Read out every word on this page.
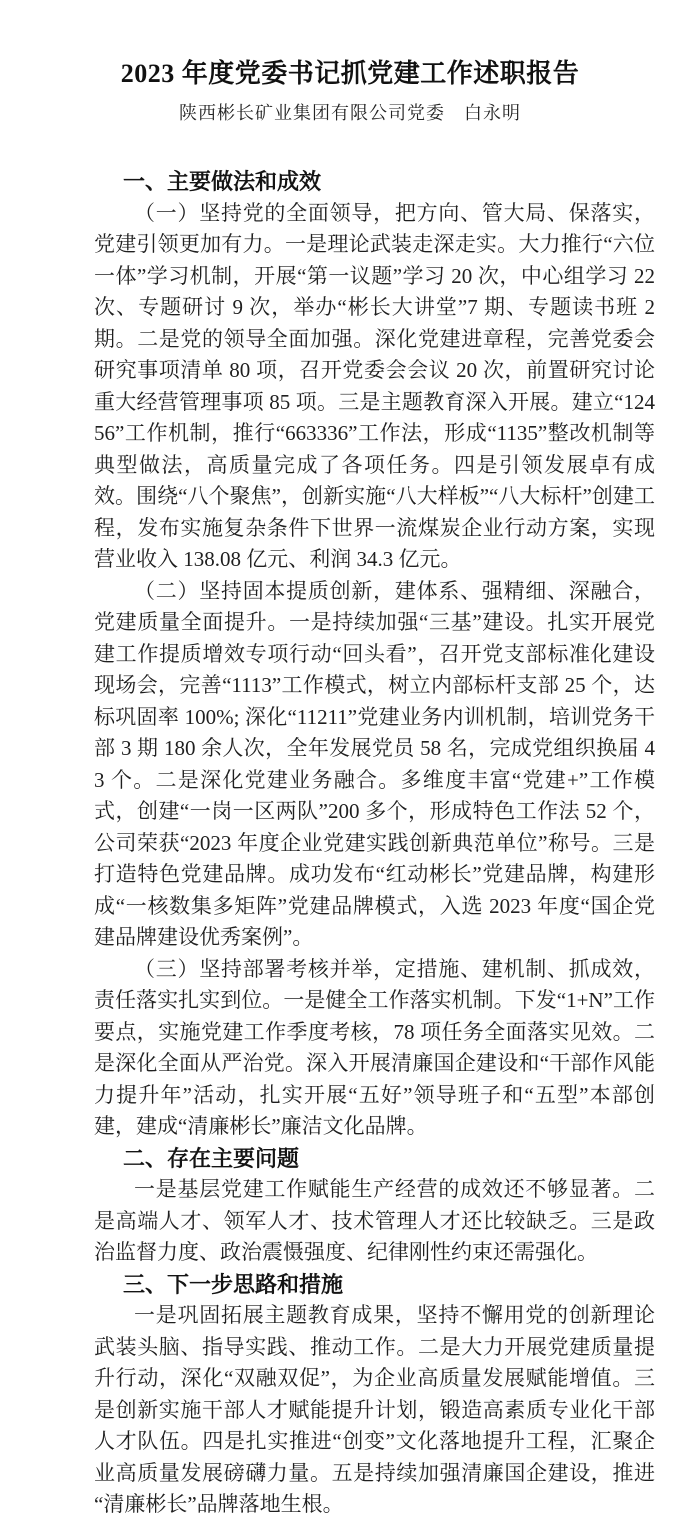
2023 年度党委书记抓党建工作述职报告
陕西彬长矿业集团有限公司党委　白永明
一、主要做法和成效

（一）坚持党的全面领导，把方向、管大局、保落实，党建引领更加有力。一是理论武装走深走实。大力推行“六位一体”学习机制，开展“第一议题”学习 20 次，中心组学习 22 次、专题研讨 9 次，举办“彬长大讲堂”7 期、专题读书班 2 期。二是党的领导全面加强。深化党建进章程，完善党委会研究事项清单 80 项，召开党委会会议 20 次，前置研究讨论重大经营管理事项 85 项。三是主题教育深入开展。建立“12456”工作机制，推行“663336”工作法，形成“1135”整改机制等典型做法，高质量完成了各项任务。四是引领发展卓有成效。围绕“八个聚焦”，创新实施“八大样板”“八大标杆”创建工程，发布实施复杂条件下世界一流煤炭企业行动方案，实现营业收入 138.08 亿元、利润 34.3 亿元。

（二）坚持固本提质创新，建体系、强精细、深融合，党建质量全面提升。一是持续加强“三基”建设。扎实开展党建工作提质增效专项行动“回头看”，召开党支部标准化建设现场会，完善“1113”工作模式，树立内部标杆支部 25 个，达标巩固率 100%; 深化“11211”党建业务内训机制，培训党务干部 3 期 180 余人次，全年发展党员 58 名，完成党组织换届 43 个。二是深化党建业务融合。多维度丰富“党建+”工作模式，创建“一岗一区两队”200 多个，形成特色工作法 52 个，公司荣获“2023 年度企业党建实践创新典范单位”称号。三是打造特色党建品牌。成功发布“红动彬长”党建品牌，构建形成“一核数集多矩阵”党建品牌模式，入选 2023 年度“国企党建品牌建设优秀案例”。

（三）坚持部署考核并举，定措施、建机制、抓成效，责任落实扎实到位。一是健全工作落实机制。下发“1+N”工作要点，实施党建工作季度考核，78 项任务全面落实见效。二是深化全面从严治党。深入开展清廉国企建设和“干部作风能力提升年”活动，扎实开展“五好”领导班子和“五型”本部创建，建成“清廉彬长”廉洁文化品牌。

二、存在主要问题

一是基层党建工作赋能生产经营的成效还不够显著。二是高端人才、领军人才、技术管理人才还比较缺乏。三是政治监督力度、政治震慑强度、纪律刚性约束还需强化。

三、下一步思路和措施

一是巩固拓展主题教育成果，坚持不懈用党的创新理论武装头脑、指导实践、推动工作。二是大力开展党建质量提升行动，深化“双融双促”，为企业高质量发展赋能增值。三是创新实施干部人才赋能提升计划，锻造高素质专业化干部人才队伍。四是扎实推进“创变”文化落地提升工程，汇聚企业高质量发展磅礴力量。五是持续加强清廉国企建设，推进“清廉彬长”品牌落地生根。
